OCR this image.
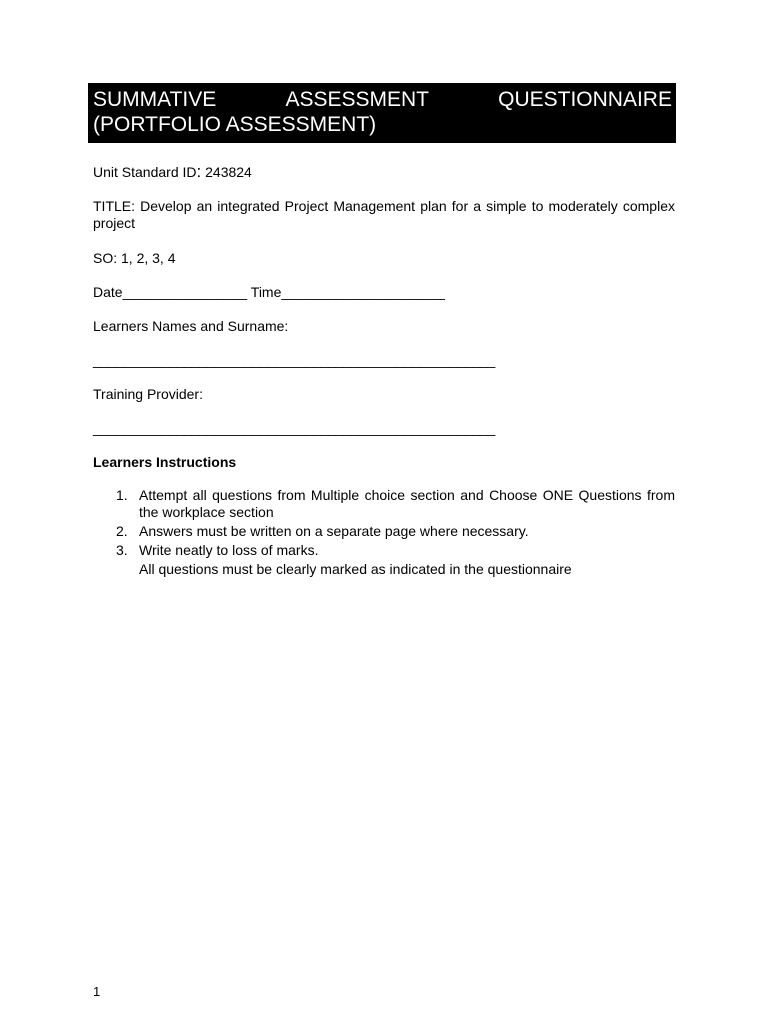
SUMMATIVE	ASSESSMENT	QUESTIONNAIRE
(PORTFOLIO ASSESSMENT)

Unit Standard ID: 243824

TITLE: Develop an integrated Project Management plan for a simple to moderately complex project

SO: 1, 2, 3, 4

Date________________ Time_____________________

Learners Names and Surname:

_____________________________________________________

Training Provider:

_____________________________________________________

Learners Instructions

1. Attempt all questions from Multiple choice section and Choose ONE Questions from the workplace section
2. Answers must be written on a separate page where necessary.
3. Write neatly to loss of marks.

All questions must be clearly marked as indicated in the questionnaire

1
